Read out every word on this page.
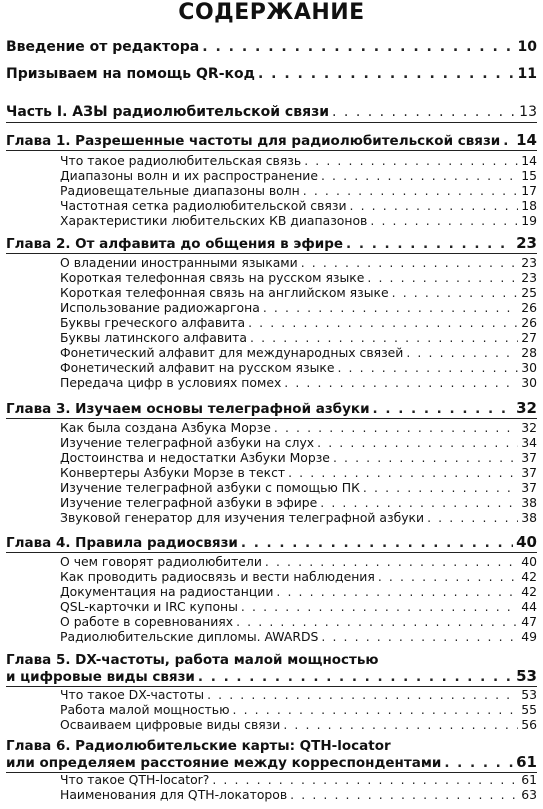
СОДЕРЖАНИЕ
Введение от редактора . . .	10
Призываем на помощь QR-код . . .	11
Часть I. АЗЫ радиолюбительской связи . . .	13
Глава 1. Разрешенные частоты для радиолюбительской связи . . . 14
Что такое радиолюбительская связь . . .	14
Диапазоны волн и их распространение . . .	15
Радиовещательные диапазоны волн . . .	17
Частотная сетка радиолюбительской связи . . .	18
Характеристики любительских КВ диапазонов . . .	19
Глава 2. От алфавита до общения в эфире . . .	23
О владении иностранными языками . . .	23
Короткая телефонная связь на русском языке . . .	23
Короткая телефонная связь на английском языке . . .	25
Использование радиожаргона . . .	26
Буквы греческого алфавита . . .	26
Буквы латинского алфавита . . .	27
Фонетический алфавит для международных связей . . .	28
Фонетический алфавит на русском языке . . .	30
Передача цифр в условиях помех . . .	30
Глава 3. Изучаем основы телеграфной азбуки . . .	32
Как была создана Азбука Морзе . . .	32
Изучение телеграфной азбуки на слух . . .	34
Достоинства и недостатки Азбуки Морзе . . .	37
Конвертеры Азбуки Морзе в текст . . .	37
Изучение телеграфной азбуки с помощью ПК . . .	37
Изучение телеграфной азбуки в эфире . . .	38
Звуковой генератор для изучения телеграфной азбуки . . .	38
Глава 4. Правила радиосвязи . . .	40
О чем говорят радиолюбители . . .	40
Как проводить радиосвязь и вести наблюдения . . .	42
Документация на радиостанции . . .	42
QSL-карточки и IRC купоны . . .	44
О работе в соревнованиях . . .	47
Радиолюбительские дипломы. AWARDS . . .	49
Глава 5. DX-частоты, работа малой мощностью
и цифровые виды связи . . .	53
Что такое DX-частоты . . .	53
Работа малой мощностью . . .	55
Осваиваем цифровые виды связи . . .	56
Глава 6. Радиолюбительские карты: QTH-locator
или определяем расстояние между корреспондентами . . .	61
Что такое QTH-locator? . . .	61
Наименования для QTH-локаторов . . .	63
